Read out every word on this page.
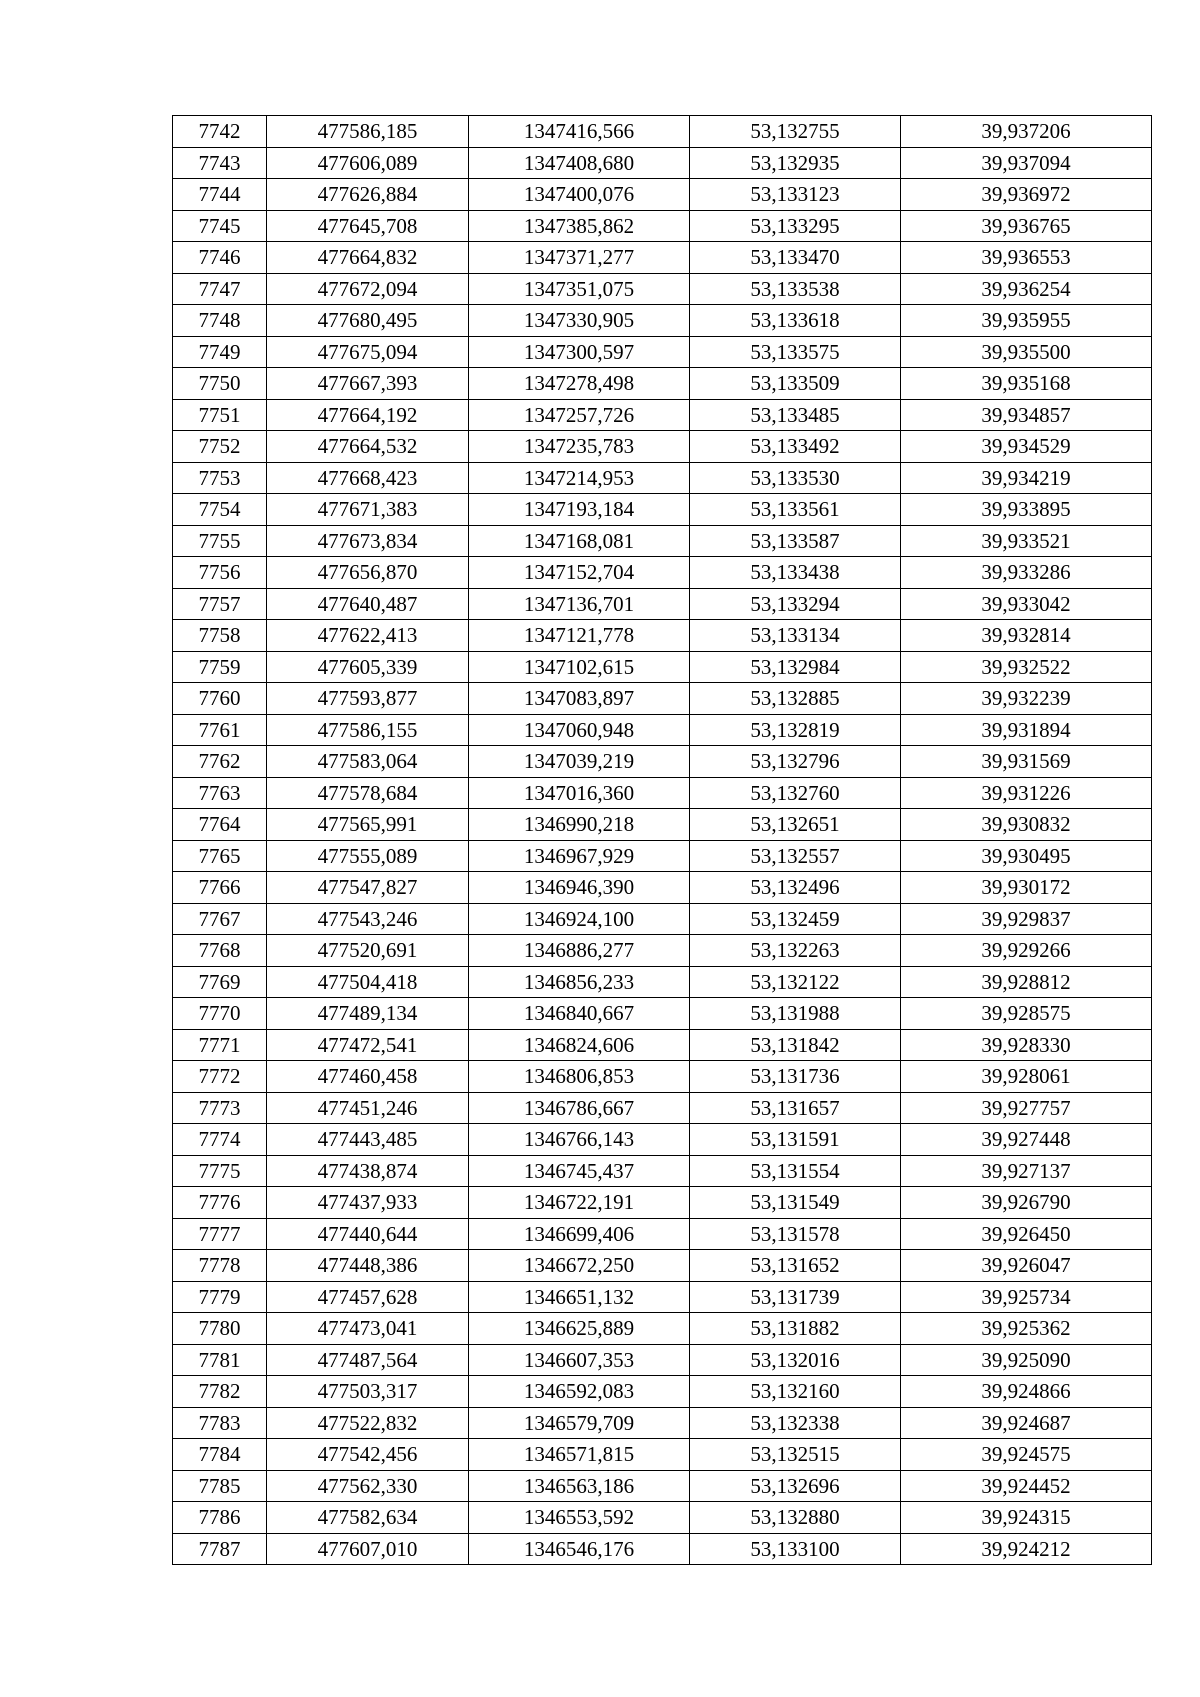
7742	477586,185	1347416,566	53,132755	39,937206
7743	477606,089	1347408,680	53,132935	39,937094
7744	477626,884	1347400,076	53,133123	39,936972
7745	477645,708	1347385,862	53,133295	39,936765
7746	477664,832	1347371,277	53,133470	39,936553
7747	477672,094	1347351,075	53,133538	39,936254
7748	477680,495	1347330,905	53,133618	39,935955
7749	477675,094	1347300,597	53,133575	39,935500
7750	477667,393	1347278,498	53,133509	39,935168
7751	477664,192	1347257,726	53,133485	39,934857
7752	477664,532	1347235,783	53,133492	39,934529
7753	477668,423	1347214,953	53,133530	39,934219
7754	477671,383	1347193,184	53,133561	39,933895
7755	477673,834	1347168,081	53,133587	39,933521
7756	477656,870	1347152,704	53,133438	39,933286
7757	477640,487	1347136,701	53,133294	39,933042
7758	477622,413	1347121,778	53,133134	39,932814
7759	477605,339	1347102,615	53,132984	39,932522
7760	477593,877	1347083,897	53,132885	39,932239
7761	477586,155	1347060,948	53,132819	39,931894
7762	477583,064	1347039,219	53,132796	39,931569
7763	477578,684	1347016,360	53,132760	39,931226
7764	477565,991	1346990,218	53,132651	39,930832
7765	477555,089	1346967,929	53,132557	39,930495
7766	477547,827	1346946,390	53,132496	39,930172
7767	477543,246	1346924,100	53,132459	39,929837
7768	477520,691	1346886,277	53,132263	39,929266
7769	477504,418	1346856,233	53,132122	39,928812
7770	477489,134	1346840,667	53,131988	39,928575
7771	477472,541	1346824,606	53,131842	39,928330
7772	477460,458	1346806,853	53,131736	39,928061
7773	477451,246	1346786,667	53,131657	39,927757
7774	477443,485	1346766,143	53,131591	39,927448
7775	477438,874	1346745,437	53,131554	39,927137
7776	477437,933	1346722,191	53,131549	39,926790
7777	477440,644	1346699,406	53,131578	39,926450
7778	477448,386	1346672,250	53,131652	39,926047
7779	477457,628	1346651,132	53,131739	39,925734
7780	477473,041	1346625,889	53,131882	39,925362
7781	477487,564	1346607,353	53,132016	39,925090
7782	477503,317	1346592,083	53,132160	39,924866
7783	477522,832	1346579,709	53,132338	39,924687
7784	477542,456	1346571,815	53,132515	39,924575
7785	477562,330	1346563,186	53,132696	39,924452
7786	477582,634	1346553,592	53,132880	39,924315
7787	477607,010	1346546,176	53,133100	39,924212
